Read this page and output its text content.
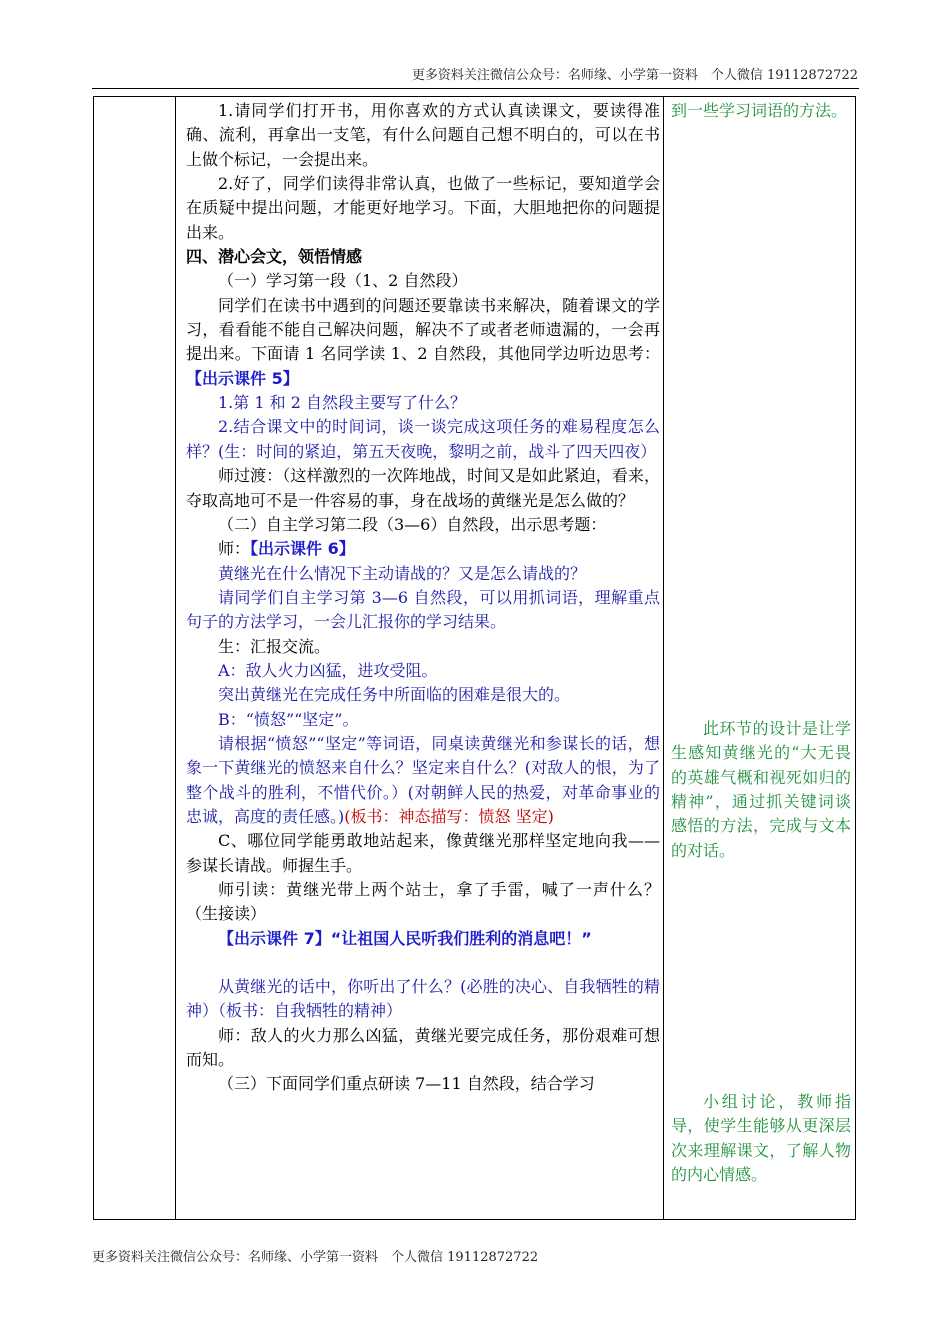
更多资料关注微信公众号：名师缘、小学第一资料　个人微信 19112872722

1.请同学们打开书，用你喜欢的方式认真读课文，要读得准确、流利，再拿出一支笔，有什么问题自己想不明白的，可以在书上做个标记，一会提出来。

2.好了，同学们读得非常认真，也做了一些标记，要知道学会在质疑中提出问题，才能更好地学习。下面，大胆地把你的问题提出来。

四、潜心会文，领悟情感

（一）学习第一段（1、2 自然段）

同学们在读书中遇到的问题还要靠读书来解决，随着课文的学习，看看能不能自己解决问题，解决不了或者老师遗漏的，一会再提出来。下面请 1 名同学读 1、2 自然段，其他同学边听边思考：【出示课件 5】

1.第 1 和 2 自然段主要写了什么？

2.结合课文中的时间词，谈一谈完成这项任务的难易程度怎么样？(生：时间的紧迫，第五天夜晚，黎明之前，战斗了四天四夜）

师过渡：（这样激烈的一次阵地战，时间又是如此紧迫，看来，夺取高地可不是一件容易的事，身在战场的黄继光是怎么做的？

（二）自主学习第二段（3—6）自然段，出示思考题：

师：【出示课件 6】

黄继光在什么情况下主动请战的？又是怎么请战的？

请同学们自主学习第 3—6 自然段，可以用抓词语，理解重点句子的方法学习，一会儿汇报你的学习结果。

生：汇报交流。

A：敌人火力凶猛，进攻受阻。

突出黄继光在完成任务中所面临的困难是很大的。

B：“愤怒”“坚定”。

请根据“愤怒”“坚定”等词语，同桌读黄继光和参谋长的话，想象一下黄继光的愤怒来自什么？坚定来自什么？(对敌人的恨，为了整个战斗的胜利，不惜代价。）(对朝鲜人民的热爱，对革命事业的忠诚，高度的责任感。)(板书：神态描写：愤怒 坚定)

C、哪位同学能勇敢地站起来，像黄继光那样坚定地向我——参谋长请战。师握生手。

师引读：黄继光带上两个站士，拿了手雷，喊了一声什么？（生接读）

【出示课件 7】“让祖国人民听我们胜利的消息吧！”

从黄继光的话中，你听出了什么？(必胜的决心、自我牺牲的精神）（板书：自我牺牲的精神）

师：敌人的火力那么凶猛，黄继光要完成任务，那份艰难可想而知。

（三）下面同学们重点研读 7—11 自然段，结合学习

到一些学习词语的方法。

此环节的设计是让学生感知黄继光的“大无畏的英雄气概和视死如归的精神”，通过抓关键词谈感悟的方法，完成与文本的对话。

小组讨论，教师指导，使学生能够从更深层次来理解课文，了解人物的内心情感。

更多资料关注微信公众号：名师缘、小学第一资料　个人微信 19112872722
